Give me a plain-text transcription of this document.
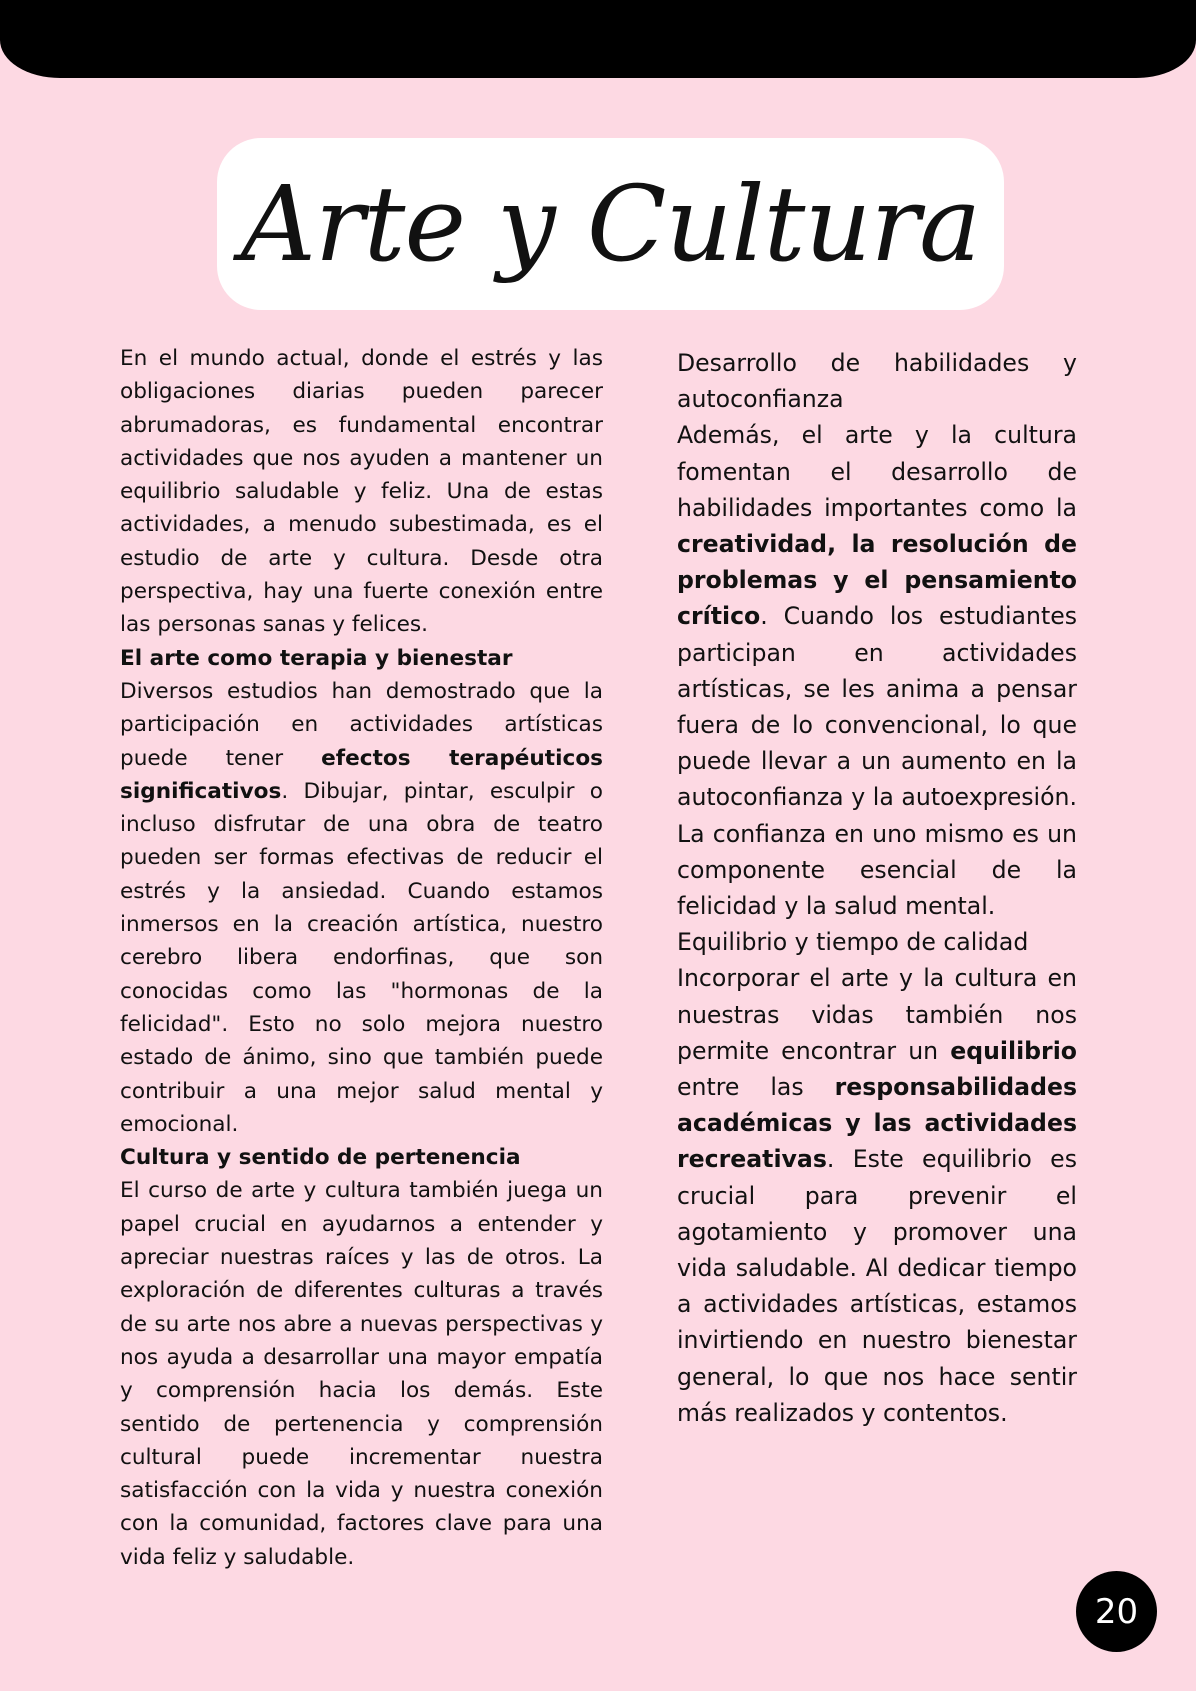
Arte y Cultura

En el mundo actual, donde el estrés y las obligaciones diarias pueden parecer abrumadoras, es fundamental encontrar actividades que nos ayuden a mantener un equilibrio saludable y feliz. Una de estas actividades, a menudo subestimada, es el estudio de arte y cultura. Desde otra perspectiva, hay una fuerte conexión entre las personas sanas y felices.

El arte como terapia y bienestar

Diversos estudios han demostrado que la participación en actividades artísticas puede tener efectos terapéuticos significativos. Dibujar, pintar, esculpir o incluso disfrutar de una obra de teatro pueden ser formas efectivas de reducir el estrés y la ansiedad. Cuando estamos inmersos en la creación artística, nuestro cerebro libera endorfinas, que son conocidas como las "hormonas de la felicidad". Esto no solo mejora nuestro estado de ánimo, sino que también puede contribuir a una mejor salud mental y emocional.

Cultura y sentido de pertenencia

El curso de arte y cultura también juega un papel crucial en ayudarnos a entender y apreciar nuestras raíces y las de otros. La exploración de diferentes culturas a través de su arte nos abre a nuevas perspectivas y nos ayuda a desarrollar una mayor empatía y comprensión hacia los demás. Este sentido de pertenencia y comprensión cultural puede incrementar nuestra satisfacción con la vida y nuestra conexión con la comunidad, factores clave para una vida feliz y saludable.

Desarrollo de habilidades y autoconfianza

Además, el arte y la cultura fomentan el desarrollo de habilidades importantes como la creatividad, la resolución de problemas y el pensamiento crítico. Cuando los estudiantes participan en actividades artísticas, se les anima a pensar fuera de lo convencional, lo que puede llevar a un aumento en la autoconfianza y la autoexpresión. La confianza en uno mismo es un componente esencial de la felicidad y la salud mental.

Equilibrio y tiempo de calidad

Incorporar el arte y la cultura en nuestras vidas también nos permite encontrar un equilibrio entre las responsabilidades académicas y las actividades recreativas. Este equilibrio es crucial para prevenir el agotamiento y promover una vida saludable. Al dedicar tiempo a actividades artísticas, estamos invirtiendo en nuestro bienestar general, lo que nos hace sentir más realizados y contentos.

20
